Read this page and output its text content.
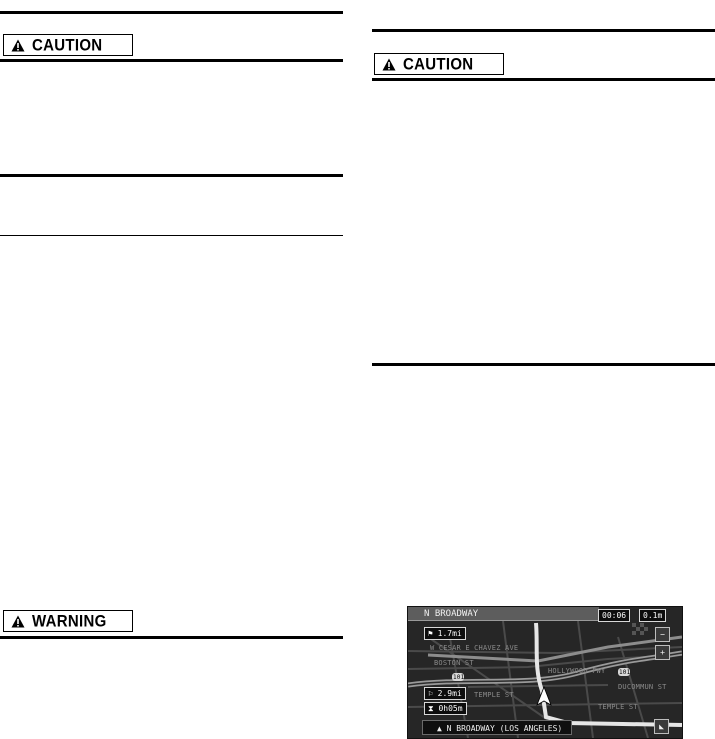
CAUTION
WARNING
CAUTION
N BROADWAY	00:06	0.1m
−
+
⚑ 1.7mi
W CESAR E CHAVEZ AVE
BOSTON ST
HOLLYWOOD FWY
TEMPLE ST
TEMPLE ST
DUCOMMUN ST
101
101
⚐ 2.9mi
⧗ 0h05m
▲ N BROADWAY (LOS ANGELES)	◣
